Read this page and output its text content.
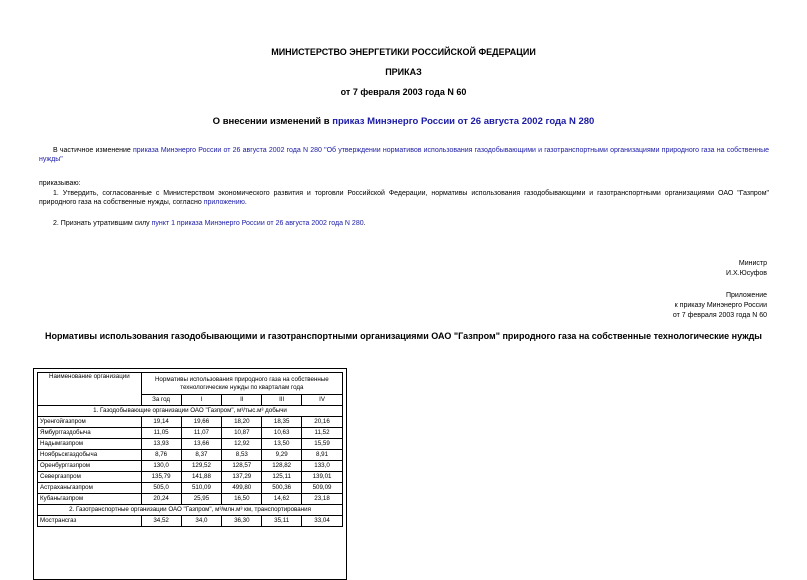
МИНИСТЕРСТВО ЭНЕРГЕТИКИ РОССИЙСКОЙ ФЕДЕРАЦИИ
ПРИКАЗ
от 7 февраля 2003 года N 60
О внесении изменений в приказ Минэнерго России от 26 августа 2002 года N 280
В частичное изменение приказа Минэнерго России от 26 августа 2002 года N 280 "Об утверждении нормативов использования газодобывающими и газотранспортными организациями природного газа на собственные нужды"
приказываю:
1. Утвердить, согласованные с Министерством экономического развития и торговли Российской Федерации, нормативы использования газодобывающими и газотранспортными организациями ОАО "Газпром" природного газа на собственные нужды, согласно приложению.
2. Признать утратившим силу пункт 1 приказа Минэнерго России от 26 августа 2002 года N 280.
Министр
И.Х.Юсуфов
Приложение
к приказу Минэнерго России
от 7 февраля 2003 года N 60
Нормативы использования газодобывающими и газотранспортными организациями ОАО "Газпром" природного газа на собственные технологические нужды
Наименование организации	Нормативы использования природного газа на собственные технологические нужды по кварталам года				
	За год	I	II	III	IV
1. Газодобывающие организации ОАО "Газпром", м³/тыс.м³ добычи					
Уренгойгазпром	19,14	19,66	18,20	18,35	20,16
Ямбурггаздобыча	11,05	11,07	10,87	10,63	11,52
Надымгазпром	13,93	13,66	12,92	13,50	15,59
Ноябрьскгаздобыча	8,76	8,37	8,53	9,29	8,91
Оренбурггазпром	130,0	129,52	128,57	128,82	133,0
Севергазпром	135,79	141,88	137,29	125,11	139,01
Астраханьгазпром	505,0	510,09	499,80	500,36	509,09
Кубаньгазпром	20,24	25,95	16,50	14,62	23,18
2. Газотранспортные организации ОАО "Газпром", м³/млн.м³ км, транспортирования					
Мострансгаз	34,52	34,0	36,30	35,11	33,04
